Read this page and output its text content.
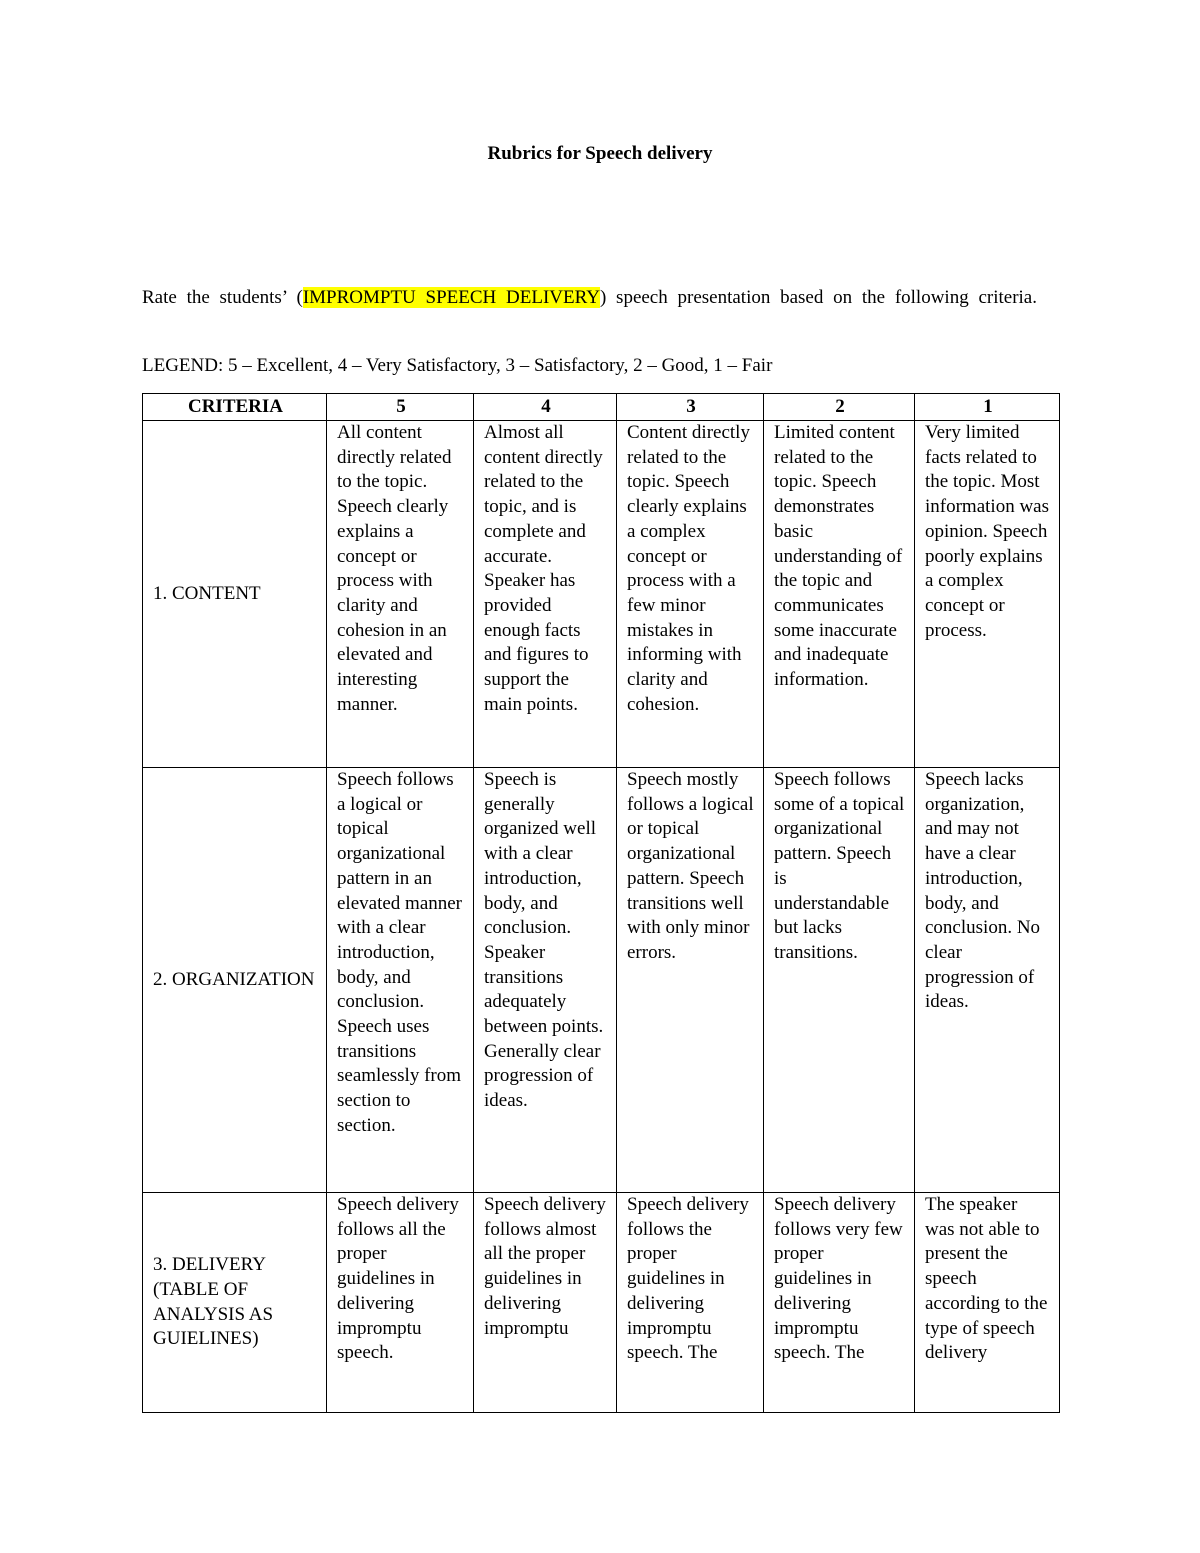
Rubrics for Speech delivery

Rate the students’ (IMPROMPTU SPEECH DELIVERY) speech presentation based on the following criteria.

LEGEND: 5 – Excellent, 4 – Very Satisfactory, 3 – Satisfactory, 2 – Good, 1 – Fair

CRITERIA	5	4	3	2	1
1. CONTENT	All content directly related to the topic. Speech clearly explains a concept or process with clarity and cohesion in an elevated and interesting manner.	Almost all content directly related to the topic, and is complete and accurate. Speaker has provided enough facts and figures to support the main points.	Content directly related to the topic. Speech clearly explains a complex concept or process with a few minor mistakes in informing with clarity and cohesion.	Limited content related to the topic. Speech demonstrates basic understanding of the topic and communicates some inaccurate and inadequate information.	Very limited facts related to the topic. Most information was opinion. Speech poorly explains a complex concept or process.
2. ORGANIZATION	Speech follows a logical or topical organizational pattern in an elevated manner with a clear introduction, body, and conclusion. Speech uses transitions seamlessly from section to section.	Speech is generally organized well with a clear introduction, body, and conclusion. Speaker transitions adequately between points. Generally clear progression of ideas.	Speech mostly follows a logical or topical organizational pattern. Speech transitions well with only minor errors.	Speech follows some of a topical organizational pattern. Speech is understandable but lacks transitions.	Speech lacks organization, and may not have a clear introduction, body, and conclusion. No clear progression of ideas.
3. DELIVERY (TABLE OF ANALYSIS AS GUIELINES)	Speech delivery follows all the proper guidelines in delivering impromptu speech.	Speech delivery follows almost all the proper guidelines in delivering impromptu	Speech delivery follows the proper guidelines in delivering impromptu speech. The	Speech delivery follows very few proper guidelines in delivering impromptu speech. The	The speaker was not able to present the speech according to the type of speech delivery
